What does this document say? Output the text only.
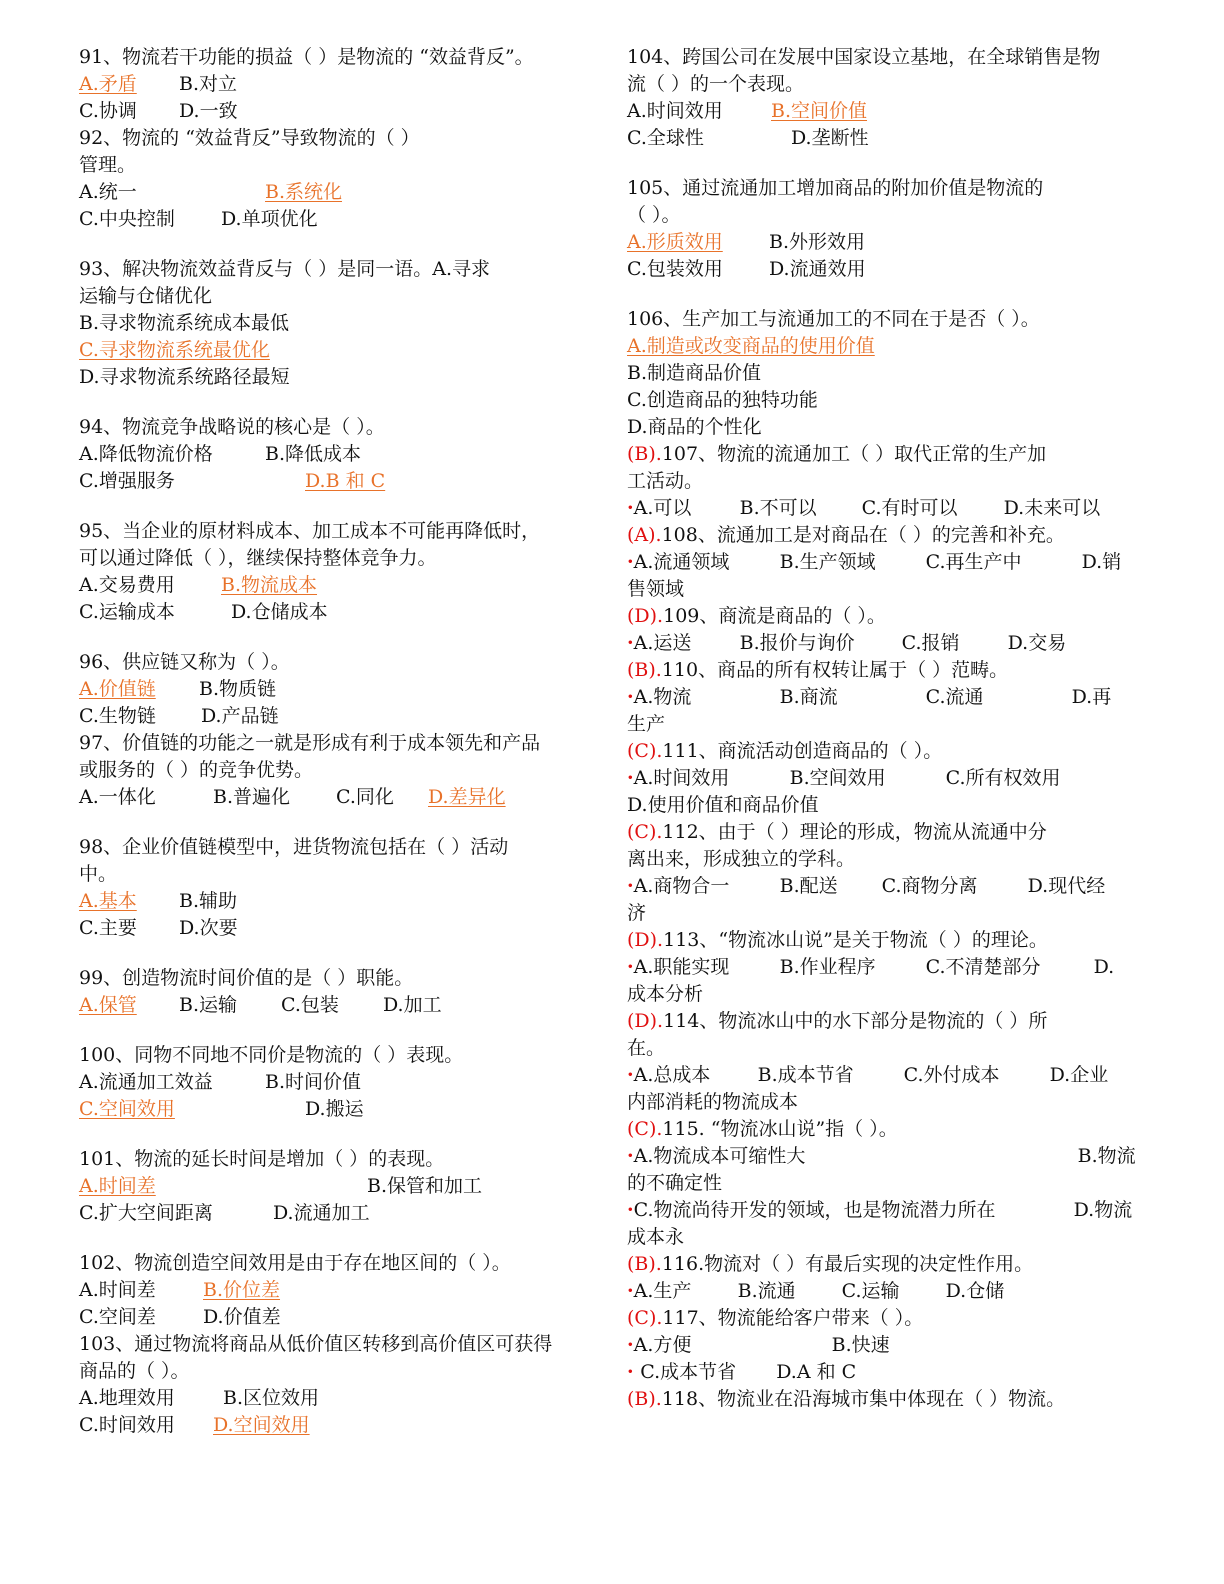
91、物流若干功能的损益（ ）是物流的 “效益背反”。

A.矛盾 B.对立

C.协调 D.一致

92、物流的 “效益背反”导致物流的（ ）

管理。

A.统一	B.系统化

C.中央控制 D.单项优化

93、解决物流效益背反与（ ）是同一语。A.寻求

运输与仓储优化

B.寻求物流系统成本最低

C.寻求物流系统最优化

D.寻求物流系统路径最短

94、物流竞争战略说的核心是（ ）。

A.降低物流价格	B.降低成本

C.增强服务	D.B 和 C

95、当企业的原材料成本、加工成本不可能再降低时，

可以通过降低（ ），继续保持整体竞争力。

A.交易费用 B.物流成本

C.运输成本	D.仓储成本

96、供应链又称为（ ）。

A.价值链 B.物质链

C.生物链 D.产品链

97、价值链的功能之一就是形成有利于成本领先和产品

或服务的（ ）的竞争优势。

A.一体化	B.普遍化 C.同化 D.差异化

98、企业价值链模型中，进货物流包括在（ ）活动

中。

A.基本B.辅助

C.主要 D.次要

99、创造物流时间价值的是（ ）职能。

A.保管 B.运输 C.包装 D.加工

100、同物不同地不同价是物流的（ ）表现。

A.流通加工效益	B.时间价值

C.空间效用	D.搬运

101、物流的延长时间是增加（ ）的表现。

A.时间差	B.保管和加工

C.扩大空间距离	D.流通加工

102、物流创造空间效用是由于存在地区间的（ ）。

A.时间差 B.价位差

C.空间差 D.价值差

103、通过物流将商品从低价值区转移到高价值区可获得

商品的（ ）。

A.地理效用	B.区位效用

C.时间效用 D.空间效用

104、跨国公司在发展中国家设立基地，在全球销售是物

流（ ）的一个表现。

A.时间效用	B.空间价值

C.全球性	D.垄断性

105、通过流通加工增加商品的附加价值是物流的

（ ）。

A.形质效用 B.外形效用

C.包装效用 D.流通效用

106、生产加工与流通加工的不同在于是否（ ）。

A.制造或改变商品的使用价值

B.制造商品价值

C.创造商品的独特功能

D.商品的个性化

(B).107、物流的流通加工（ ）取代正常的生产加

工活动。

·A.可以	B.不可以 C.有时可以 D.未来可以

(A).108、流通加工是对商品在（ ）的完善和补充。

·A.流通领域	B.生产领域	C.再生产中	D.销

售领域

(D).109、商流是商品的（ ）。

·A.运送	B.报价与询价 C.报销	D.交易

(B).110、商品的所有权转让属于（ ）范畴。

·A.物流	B.商流	C.流通	D.再

生产

(C).111、商流活动创造商品的（ ）。

·A.时间效用	B.空间效用	C.所有权效用

D.使用价值和商品价值

(C).112、由于（ ）理论的形成，物流从流通中分

离出来，形成独立的学科。

·A.商物合一	B.配送 C.商物分离	D.现代经

济

(D).113、“物流冰山说”是关于物流（ ）的理论。

·A.职能实现	B.作业程序	C.不清楚部分	D.

成本分析

(D).114、物流冰山中的水下部分是物流的（ ）所

在。

·A.总成本 B.成本节省	C.外付成本	D.企业

内部消耗的物流成本

(C).115. “物流冰山说”指（ ）。

·A.物流成本可缩性大	B.物流

的不确定性

·C.物流尚待开发的领域，也是物流潜力所在	D.物流

成本永

(B).116.物流对（ ）有最后实现的决定性作用。

·A.生产 B.流通 C.运输 D.仓储

(C).117、物流能给客户带来（ ）。

·A.方便	B.快速

· C.成本节省 D.A 和 C

(B).118、物流业在沿海城市集中体现在（ ）物流。
